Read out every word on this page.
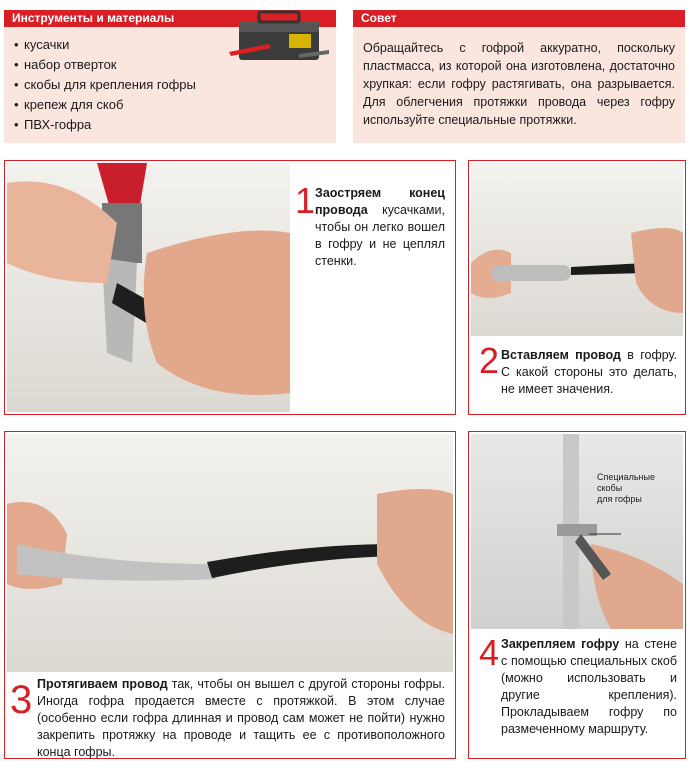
Инструменты и материалы
• кусачки
• набор отверток
• скобы для крепления гофры
• крепеж для скоб
• ПВХ-гофра
Совет

Обращайтесь с гофрой аккуратно, поскольку пластмасса, из которой она изготовлена, достаточно хрупкая: если гофру растягивать, она разрывается. Для облегчения протяжки провода через гофру используйте специальные протяжки.

1 Заостряем конец провода кусачками, чтобы он легко вошел в гофру и не цеплял стенки.
2 Вставляем провод в гофру. С какой стороны это делать, не имеет значения.
3 Протягиваем провод так, чтобы он вышел с другой стороны гофры. Иногда гофра продается вместе с протяжкой. В этом случае (особенно если гофра длинная и провод сам может не пойти) нужно закрепить протяжку на проводе и тащить ее с противоположного конца гофры.
Специальные
скобы
для гофры
4 Закрепляем гофру на стене с помощью специальных скоб (можно использовать и другие крепления). Прокладываем гофру по размеченному маршруту.
